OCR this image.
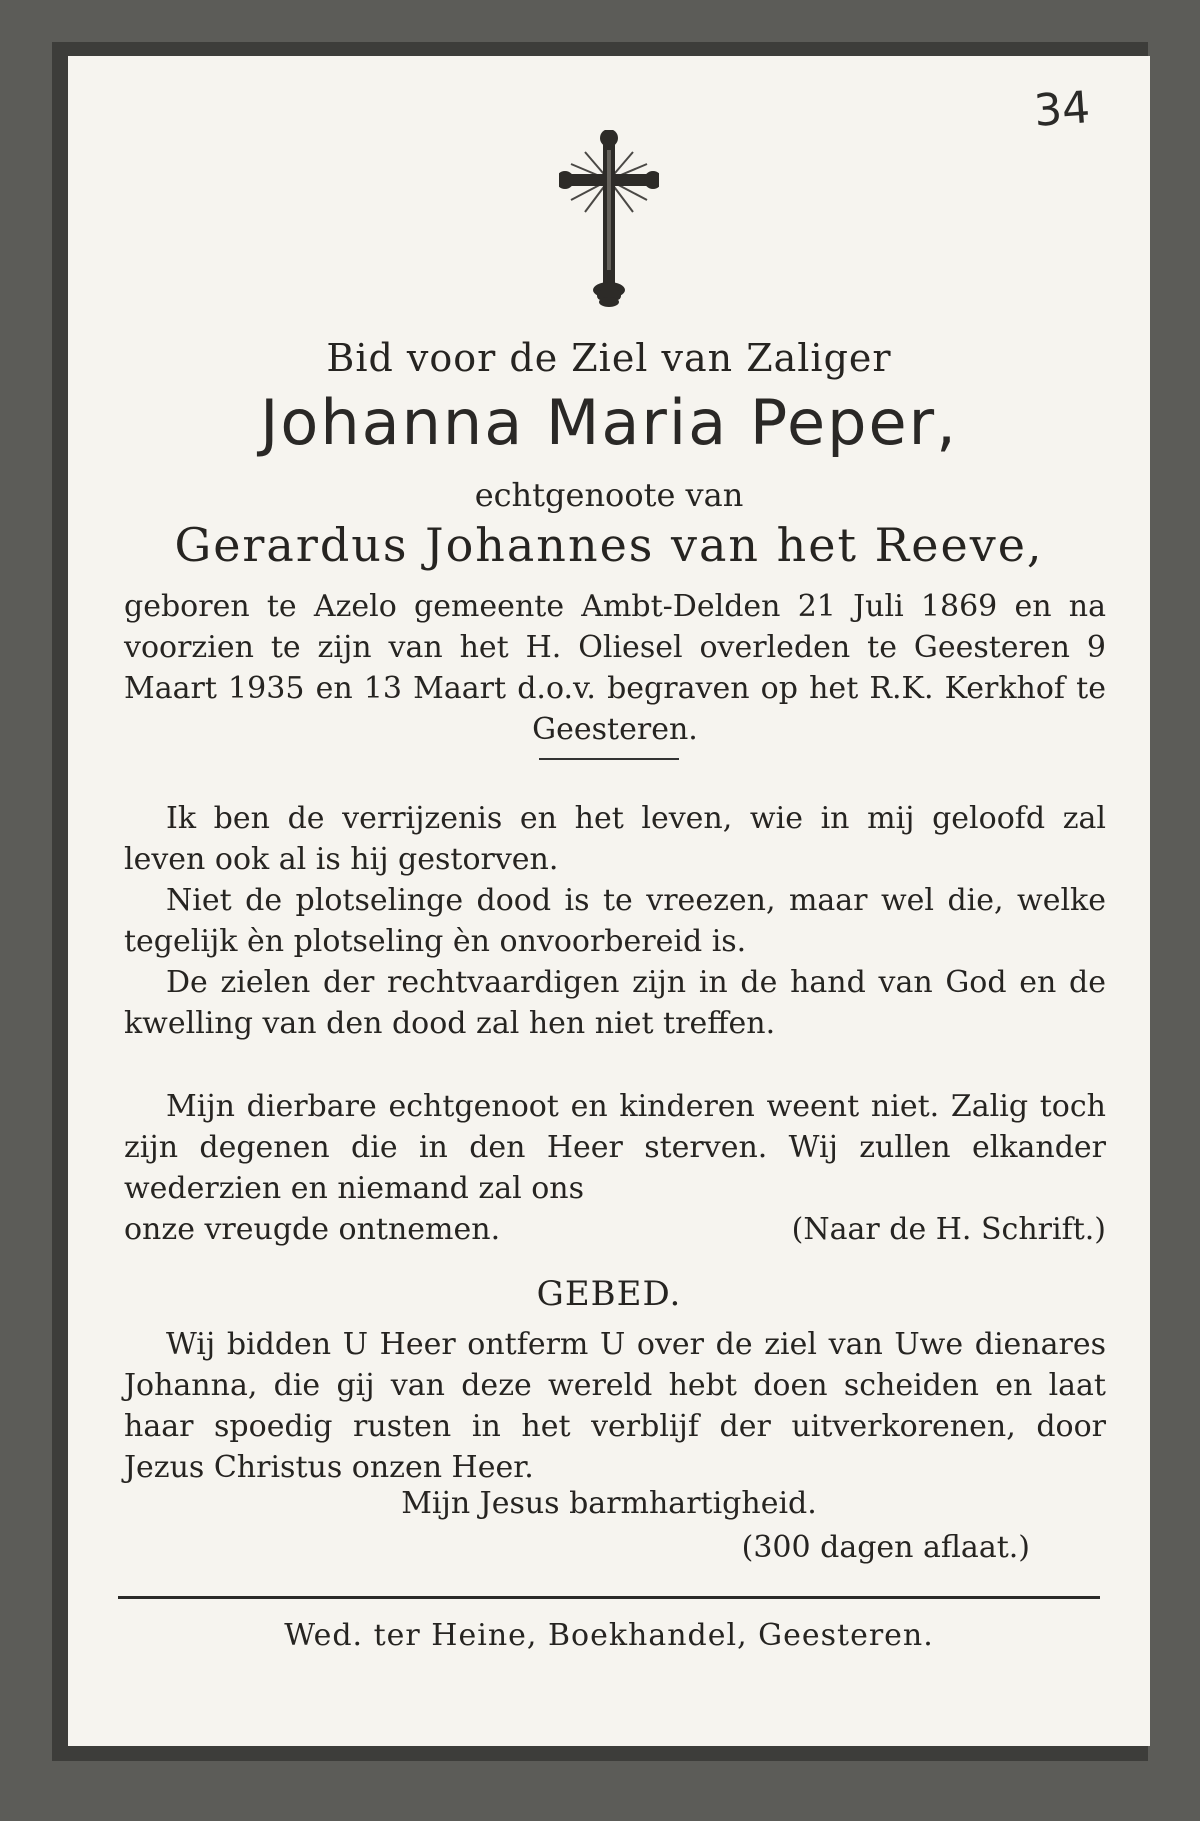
34
Bid voor de Ziel van Zaliger
Johanna Maria Peper,
echtgenoote van
Gerardus Johannes van het Reeve,

geboren te Azelo gemeente Ambt-Delden 21 Juli 1869 en na voorzien te zijn van het H. Oliesel overleden te Geesteren 9 Maart 1935 en 13 Maart d.o.v. begraven op het R.K. Kerkhof te Geesteren.

Ik ben de verrijzenis en het leven, wie in mij geloofd zal leven ook al is hij gestorven.

Niet de plotselinge dood is te vreezen, maar wel die, welke tegelijk èn plotseling èn onvoorbereid is.

De zielen der rechtvaardigen zijn in de hand van God en de kwelling van den dood zal hen niet treffen.

Mijn dierbare echtgenoot en kinderen weent niet. Zalig toch zijn degenen die in den Heer sterven. Wij zullen elkander wederzien en niemand zal ons
onze vreugde ontnemen.	(Naar de H. Schrift.)
GEBED.

Wij bidden U Heer ontferm U over de ziel van Uwe dienares Johanna, die gij van deze wereld hebt doen scheiden en laat haar spoedig rusten in het verblijf der uitverkorenen, door Jezus Christus onzen Heer.

Mijn Jesus barmhartigheid.
(300 dagen aflaat.)
Wed. ter Heine, Boekhandel, Geesteren.
